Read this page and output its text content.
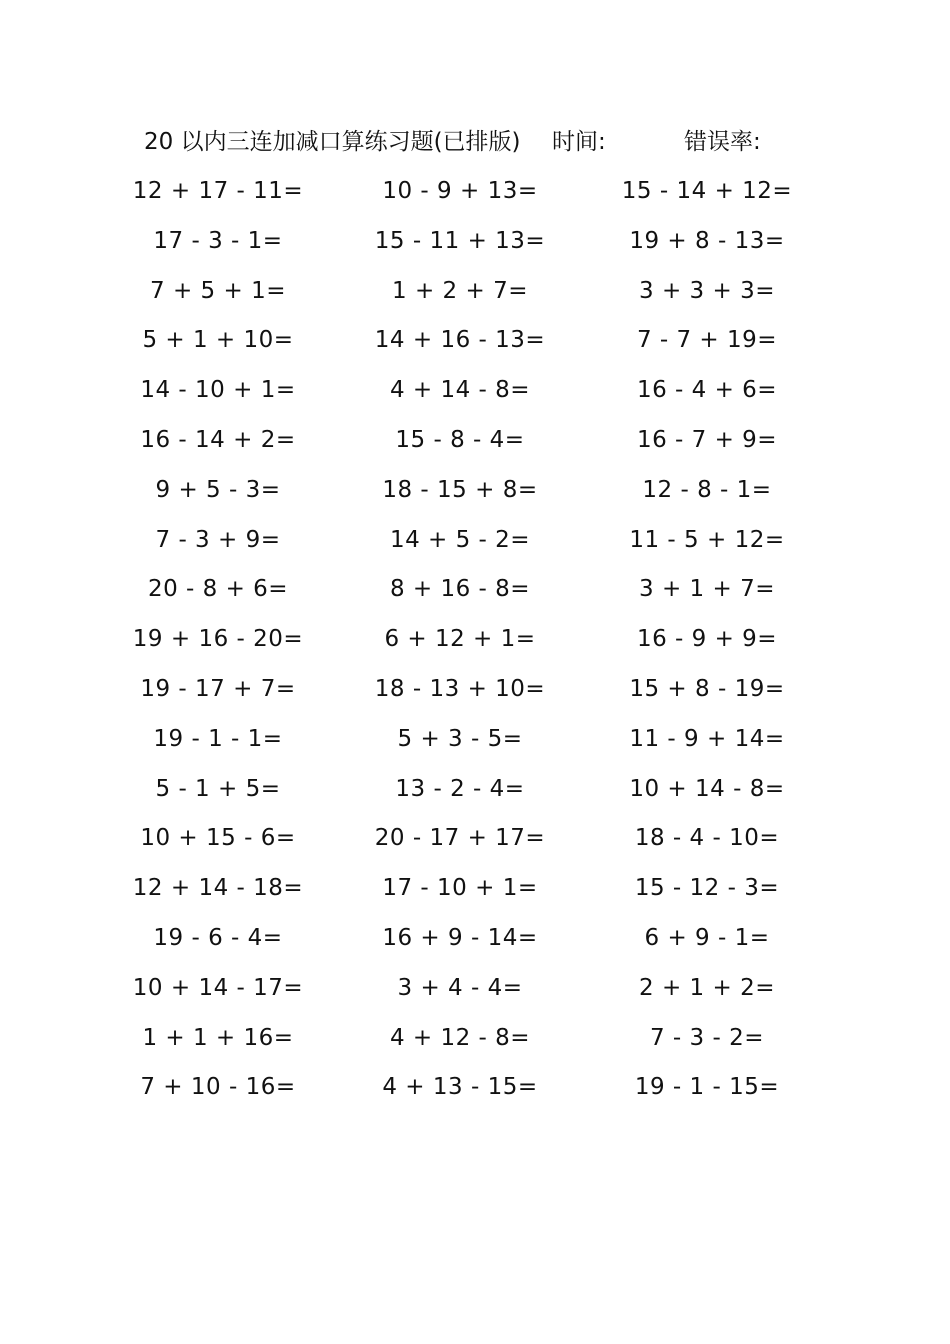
20 以内三连加减口算练习题(已排版) 时间:	错误率:
12 + 17 - 11=	10 - 9 + 13=	15 - 14 + 12=
17 - 3 - 1=	15 - 11 + 13=	19 + 8 - 13=
7 + 5 + 1=	1 + 2 + 7=	3 + 3 + 3=
5 + 1 + 10=	14 + 16 - 13=	7 - 7 + 19=
14 - 10 + 1=	4 + 14 - 8=	16 - 4 + 6=
16 - 14 + 2=	15 - 8 - 4=	16 - 7 + 9=
9 + 5 - 3=	18 - 15 + 8=	12 - 8 - 1=
7 - 3 + 9=	14 + 5 - 2=	11 - 5 + 12=
20 - 8 + 6=	8 + 16 - 8=	3 + 1 + 7=
19 + 16 - 20=	6 + 12 + 1=	16 - 9 + 9=
19 - 17 + 7=	18 - 13 + 10=	15 + 8 - 19=
19 - 1 - 1=	5 + 3 - 5=	11 - 9 + 14=
5 - 1 + 5=	13 - 2 - 4=	10 + 14 - 8=
10 + 15 - 6=	20 - 17 + 17=	18 - 4 - 10=
12 + 14 - 18=	17 - 10 + 1=	15 - 12 - 3=
19 - 6 - 4=	16 + 9 - 14=	6 + 9 - 1=
10 + 14 - 17=	3 + 4 - 4=	2 + 1 + 2=
1 + 1 + 16=	4 + 12 - 8=	7 - 3 - 2=
7 + 10 - 16=	4 + 13 - 15=	19 - 1 - 15=
